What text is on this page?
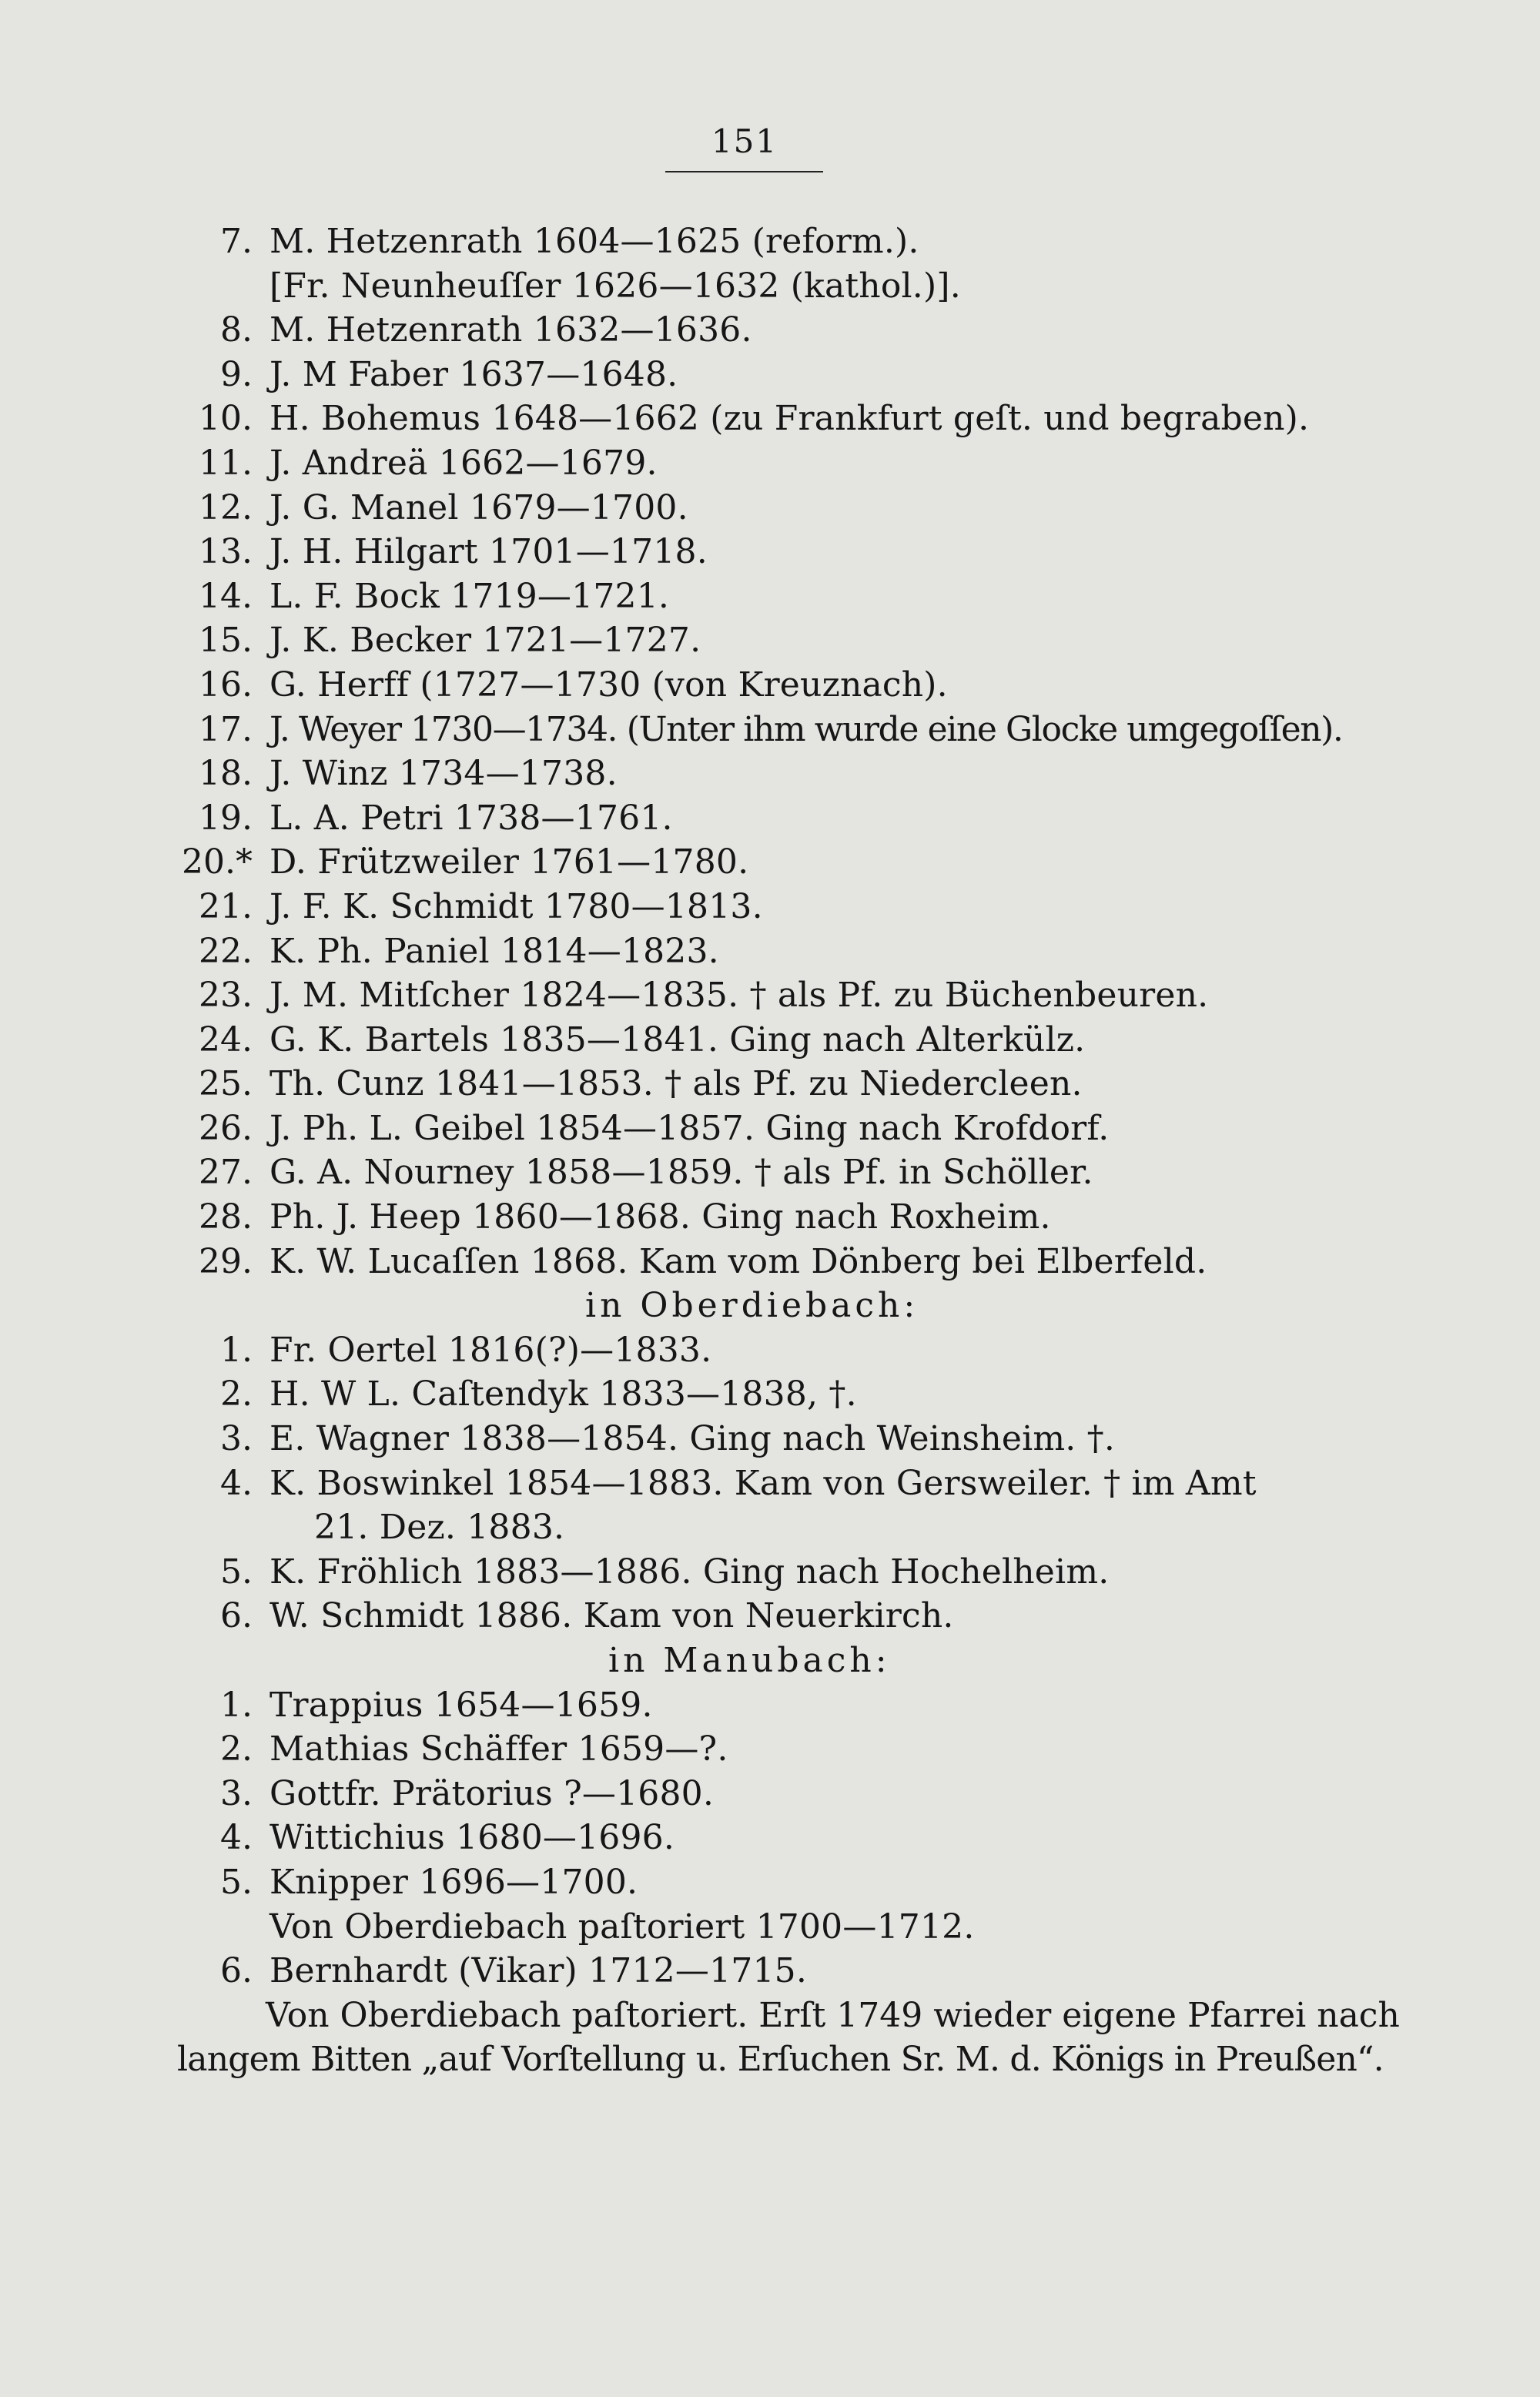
151
7. M. Hetzenrath 1604—1625 (reform.).
[Fr. Neunheuſſer 1626—1632 (kathol.)].
8. M. Hetzenrath 1632—1636.
9. J. M Faber 1637—1648.
10. H. Bohemus 1648—1662 (zu Frankfurt geſt. und begraben).
11. J. Andreä 1662—1679.
12. J. G. Manel 1679—1700.
13. J. H. Hilgart 1701—1718.
14. L. F. Bock 1719—1721.
15. J. K. Becker 1721—1727.
16. G. Herff (1727—1730 (von Kreuznach).
17. J. Weyer 1730—1734. (Unter ihm wurde eine Glocke umgegoſſen).
18. J. Winz 1734—1738.
19. L. A. Petri 1738—1761.
20.* D. Frützweiler 1761—1780.
21. J. F. K. Schmidt 1780—1813.
22. K. Ph. Paniel 1814—1823.
23. J. M. Mitſcher 1824—1835. † als Pf. zu Büchenbeuren.
24. G. K. Bartels 1835—1841. Ging nach Alterkülz.
25. Th. Cunz 1841—1853. † als Pf. zu Niedercleen.
26. J. Ph. L. Geibel 1854—1857. Ging nach Krofdorf.
27. G. A. Nourney 1858—1859. † als Pf. in Schöller.
28. Ph. J. Heep 1860—1868. Ging nach Roxheim.
29. K. W. Lucaſſen 1868. Kam vom Dönberg bei Elberfeld.
in Oberdiebach:
1. Fr. Oertel 1816(?)—1833.
2. H. W L. Caſtendyk 1833—1838, †.
3. E. Wagner 1838—1854. Ging nach Weinsheim. †.
4. K. Boswinkel 1854—1883. Kam von Gersweiler. † im Amt
21. Dez. 1883.
5. K. Fröhlich 1883—1886. Ging nach Hochelheim.
6. W. Schmidt 1886. Kam von Neuerkirch.
in Manubach:
1. Trappius 1654—1659.
2. Mathias Schäffer 1659—?.
3. Gottfr. Prätorius ?—1680.
4. Wittichius 1680—1696.
5. Knipper 1696—1700.
Von Oberdiebach paſtoriert 1700—1712.
6. Bernhardt (Vikar) 1712—1715.
Von Oberdiebach paſtoriert. Erſt 1749 wieder eigene Pfarrei nach
langem Bitten „auf Vorſtellung u. Erſuchen Sr. M. d. Königs in Preußen“.
